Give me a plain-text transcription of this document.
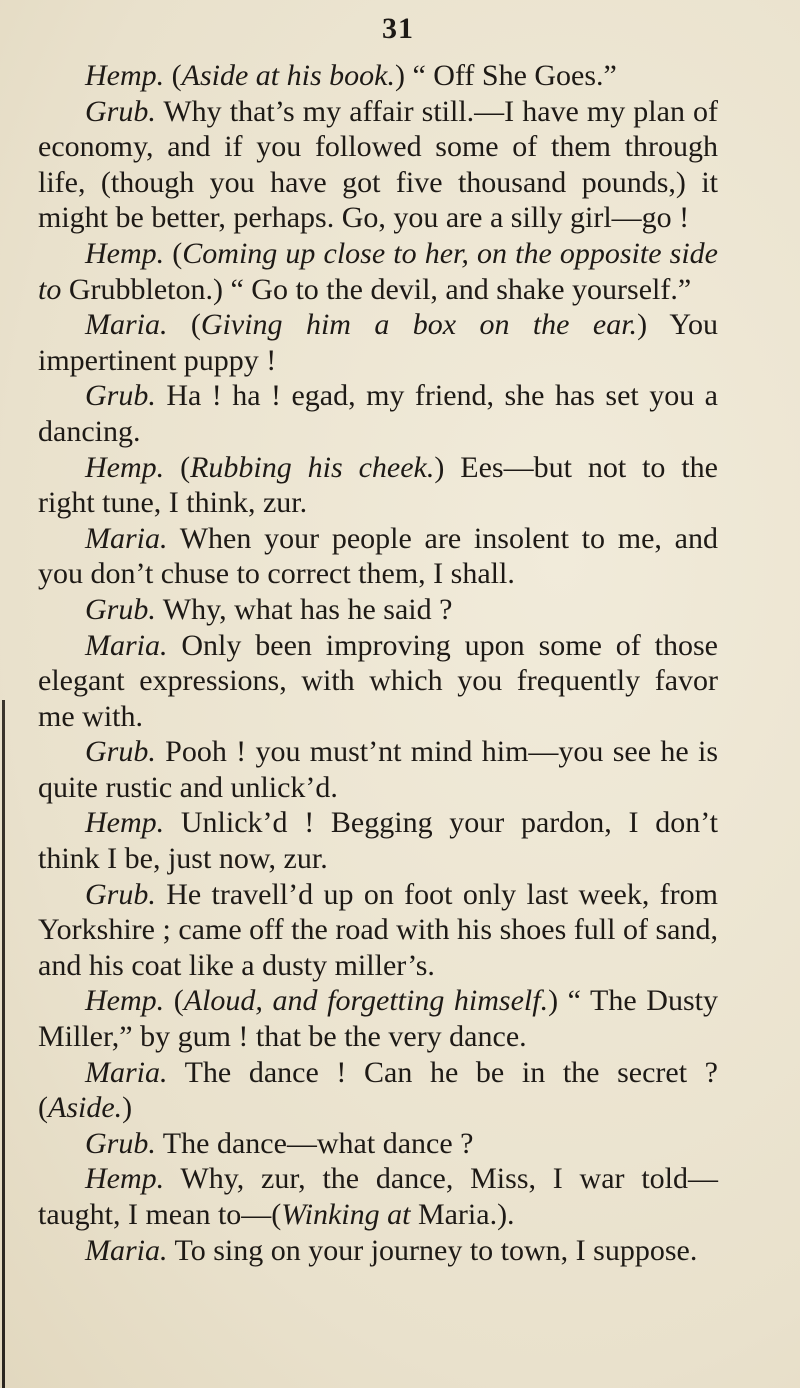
31

Hemp. (Aside at his book.) “ Off She Goes.”

Grub. Why that’s my affair still.—I have my plan of economy, and if you followed some of them through life, (though you have got five thousand pounds,) it might be better, perhaps. Go, you are a silly girl—go !

Hemp. (Coming up close to her, on the opposite side to Grubbleton.) “ Go to the devil, and shake yourself.”

Maria. (Giving him a box on the ear.) You impertinent puppy !

Grub. Ha ! ha ! egad, my friend, she has set you a dancing.

Hemp. (Rubbing his cheek.) Ees—but not to the right tune, I think, zur.

Maria. When your people are insolent to me, and you don’t chuse to correct them, I shall.

Grub. Why, what has he said ?

Maria. Only been improving upon some of those elegant expressions, with which you frequently favor me with.

Grub. Pooh ! you must’nt mind him—you see he is quite rustic and unlick’d.

Hemp. Unlick’d ! Begging your pardon, I don’t think I be, just now, zur.

Grub. He travell’d up on foot only last week, from Yorkshire ; came off the road with his shoes full of sand, and his coat like a dusty miller’s.

Hemp. (Aloud, and forgetting himself.) “ The Dusty Miller,” by gum ! that be the very dance.

Maria. The dance ! Can he be in the secret ? (Aside.)

Grub. The dance—what dance ?

Hemp. Why, zur, the dance, Miss, I war told—taught, I mean to—(Winking at Maria.).

Maria. To sing on your journey to town, I suppose.
